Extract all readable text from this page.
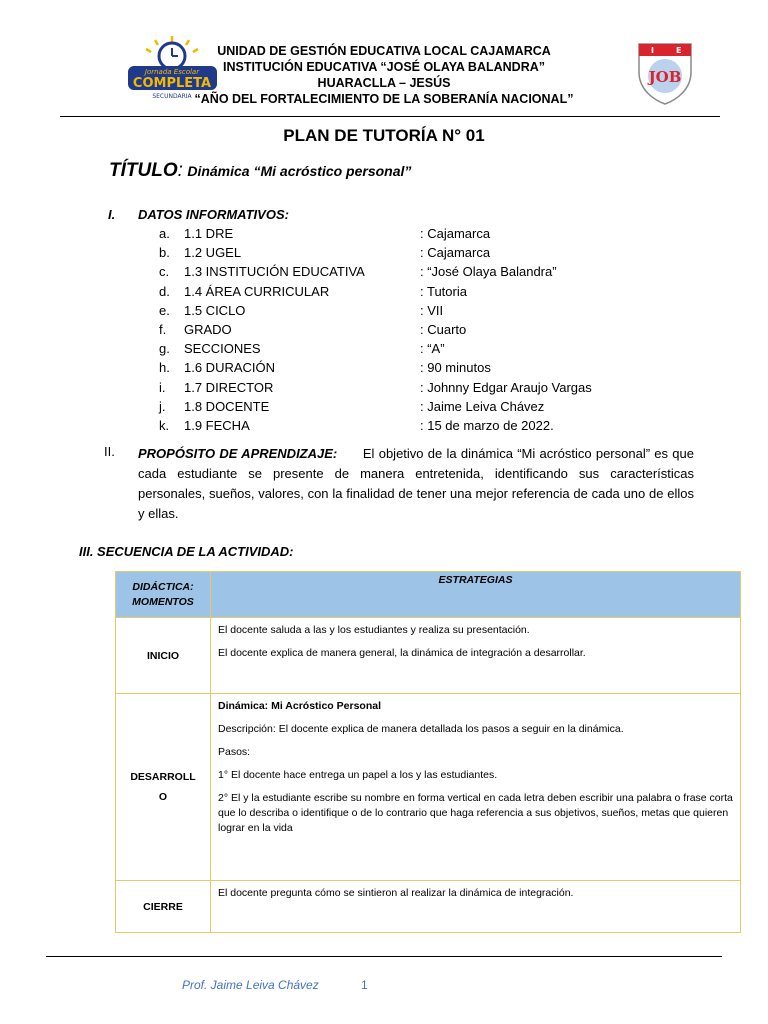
Jornada Escolar
COMPLETA
SECUNDARIA
UNIDAD DE GESTIÓN EDUCATIVA LOCAL CAJAMARCA
INSTITUCIÓN EDUCATIVA “JOSÉ OLAYA BALANDRA”
HUARACLLA – JESÚS
“AÑO DEL FORTALECIMIENTO DE LA SOBERANÍA NACIONAL”
I	E
JOB
PLAN DE TUTORÍA N° 01
TÍTULO: Dinámica “Mi acróstico personal”
I. DATOS INFORMATIVOS:
a. 1.1 DRE	: Cajamarca
b. 1.2 UGEL	: Cajamarca
c. 1.3 INSTITUCIÓN EDUCATIVA	: “José Olaya Balandra”
d. 1.4 ÁREA CURRICULAR	: Tutoria
e. 1.5 CICLO	: VII
f. GRADO	: Cuarto
g. SECCIONES	: “A”
h. 1.6 DURACIÓN	: 90 minutos
i. 1.7 DIRECTOR	: Johnny Edgar Araujo Vargas
j. 1.8 DOCENTE	: Jaime Leiva Chávez
k. 1.9 FECHA	: 15 de marzo de 2022.
II. PROPÓSITO DE APRENDIZAJE: El objetivo de la dinámica “Mi acróstico personal” es que cada estudiante se presente de manera entretenida, identificando sus características personales, sueños, valores, con la finalidad de tener una mejor referencia de cada uno de ellos y ellas.
III. SECUENCIA DE LA ACTIVIDAD:
DIDÁCTICA: MOMENTOS	ESTRATEGIAS
INICIO	El docente saluda a las y los estudiantes y realiza su presentación.

El docente explica de manera general, la dinámica de integración a desarrollar.

DESARROLLO	Dinámica: Mi Acróstico Personal

Descripción: El docente explica de manera detallada los pasos a seguir en la dinámica.

Pasos:

1° El docente hace entrega un papel a los y las estudiantes.

2° El y la estudiante escribe su nombre en forma vertical en cada letra deben escribir una palabra o frase corta que lo describa o identifique o de lo contrario que haga referencia a sus objetivos, sueños, metas que quieren lograr en la vida

CIERRE	El docente pregunta cómo se sintieron al realizar la dinámica de integración.

Prof. Jaime Leiva Chávez	1
